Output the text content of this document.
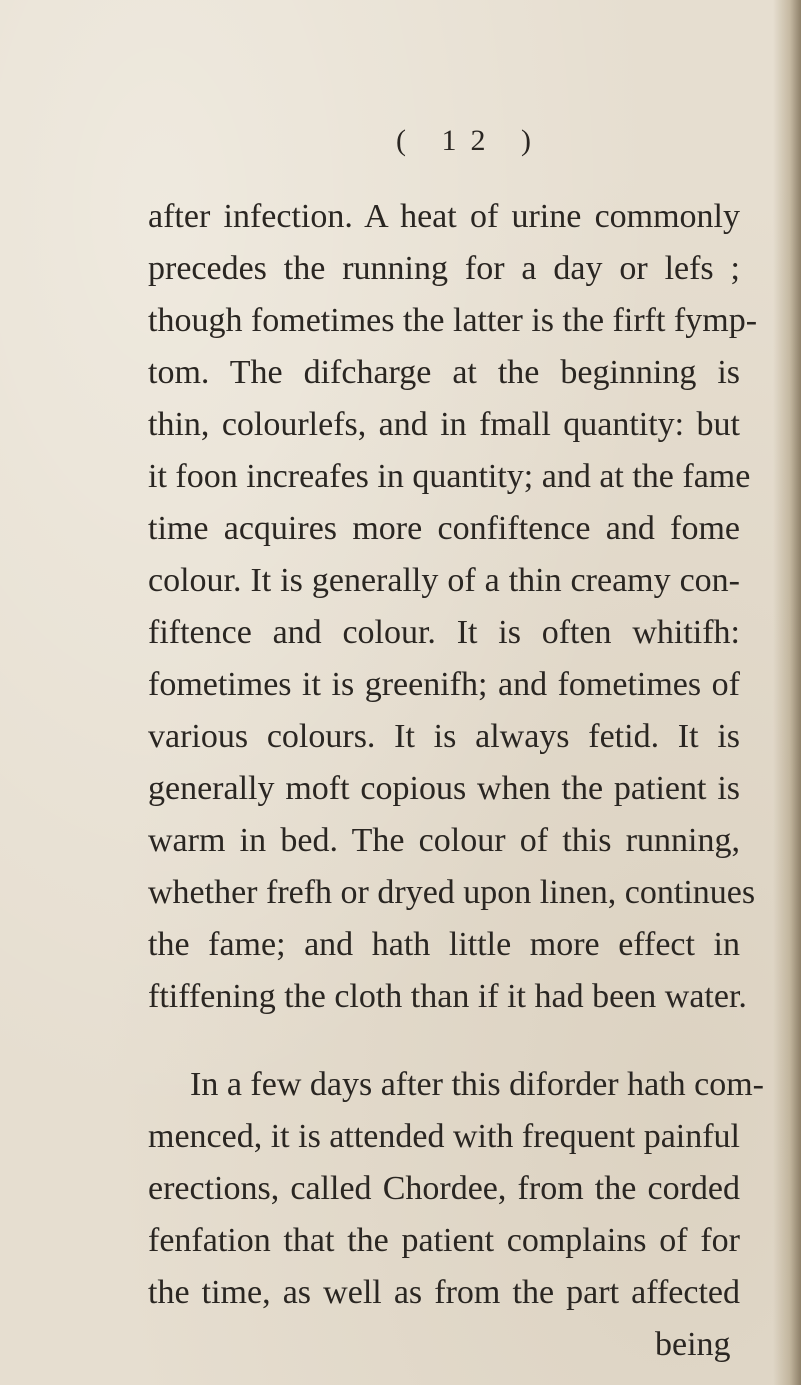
( 12 )
after infection. A heat of urine commonly
precedes the running for a day or lefs ;
though fometimes the latter is the firft fymp-
tom. The difcharge at the beginning is
thin, colourlefs, and in fmall quantity: but
it foon increafes in quantity; and at the fame
time acquires more confiftence and fome
colour. It is generally of a thin creamy con-
fiftence and colour. It is often whitifh:
fometimes it is greenifh; and fometimes of
various colours. It is always fetid. It is
generally moft copious when the patient is
warm in bed. The colour of this running,
whether frefh or dryed upon linen, continues
the fame; and hath little more effect in
ftiffening the cloth than if it had been water.
In a few days after this diforder hath com-
menced, it is attended with frequent painful
erections, called Chordee, from the corded
fenfation that the patient complains of for
the time, as well as from the part affected
being
